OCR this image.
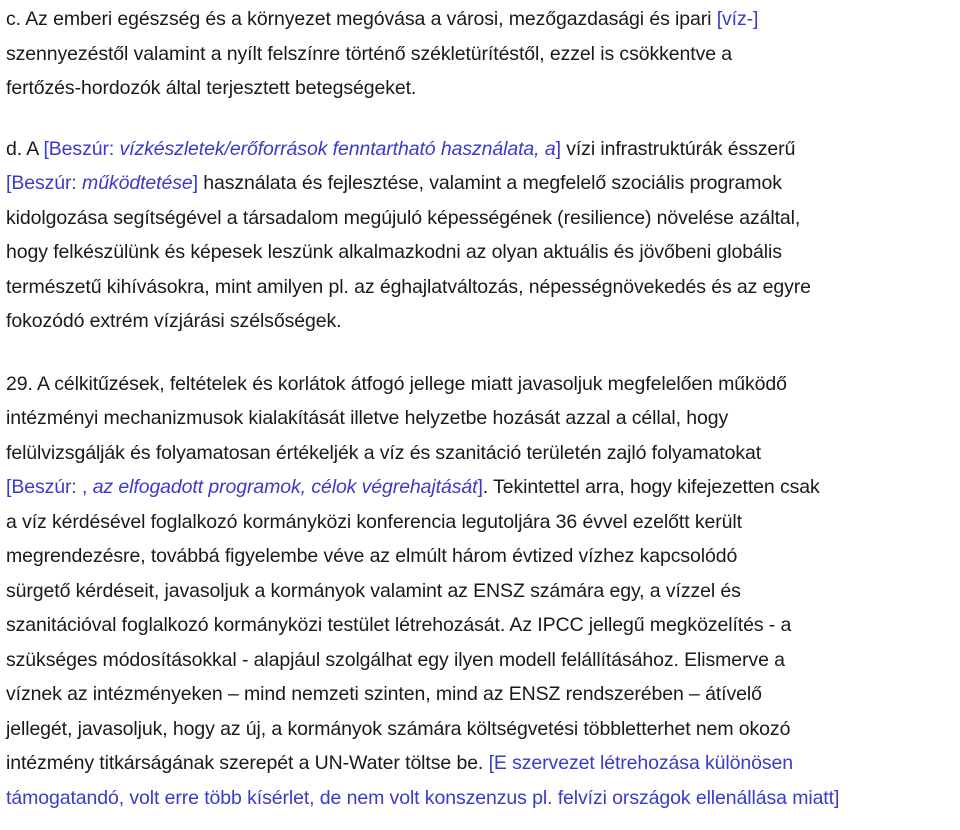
c. Az emberi egészség és a környezet megóvása a városi, mezőgazdasági és ipari [víz-]
szennyezéstől valamint a nyílt felszínre történő székletürítéstől, ezzel is csökkentve a
fertőzés-hordozók által terjesztett betegségeket.

d. A [Beszúr: vízkészletek/erőforrások fenntartható használata, a] vízi infrastruktúrák ésszerű
[Beszúr: működtetése] használata és fejlesztése, valamint a megfelelő szociális programok
kidolgozása segítségével a társadalom megújuló képességének (resilience) növelése azáltal,
hogy felkészülünk és képesek leszünk alkalmazkodni az olyan aktuális és jövőbeni globális
természetű kihívásokra, mint amilyen pl. az éghajlatváltozás, népességnövekedés és az egyre
fokozódó extrém vízjárási szélsőségek.

29. A célkitűzések, feltételek és korlátok átfogó jellege miatt javasoljuk megfelelően működő
intézményi mechanizmusok kialakítását illetve helyzetbe hozását azzal a céllal, hogy
felülvizsgálják és folyamatosan értékeljék a víz és szanitáció területén zajló folyamatokat
[Beszúr: , az elfogadott programok, célok végrehajtását]. Tekintettel arra, hogy kifejezetten csak
a víz kérdésével foglalkozó kormányközi konferencia legutoljára 36 évvel ezelőtt került
megrendezésre, továbbá figyelembe véve az elmúlt három évtized vízhez kapcsolódó
sürgető kérdéseit, javasoljuk a kormányok valamint az ENSZ számára egy, a vízzel és
szanitációval foglalkozó kormányközi testület létrehozását. Az IPCC jellegű megközelítés - a
szükséges módosításokkal - alapjául szolgálhat egy ilyen modell felállításához. Elismerve a
víznek az intézményeken – mind nemzeti szinten, mind az ENSZ rendszerében – átívelő
jellegét, javasoljuk, hogy az új, a kormányok számára költségvetési többletterhet nem okozó
intézmény titkárságának szerepét a UN-Water töltse be. [E szervezet létrehozása különösen
támogatandó, volt erre több kísérlet, de nem volt konszenzus pl. felvízi országok ellenállása miatt]
